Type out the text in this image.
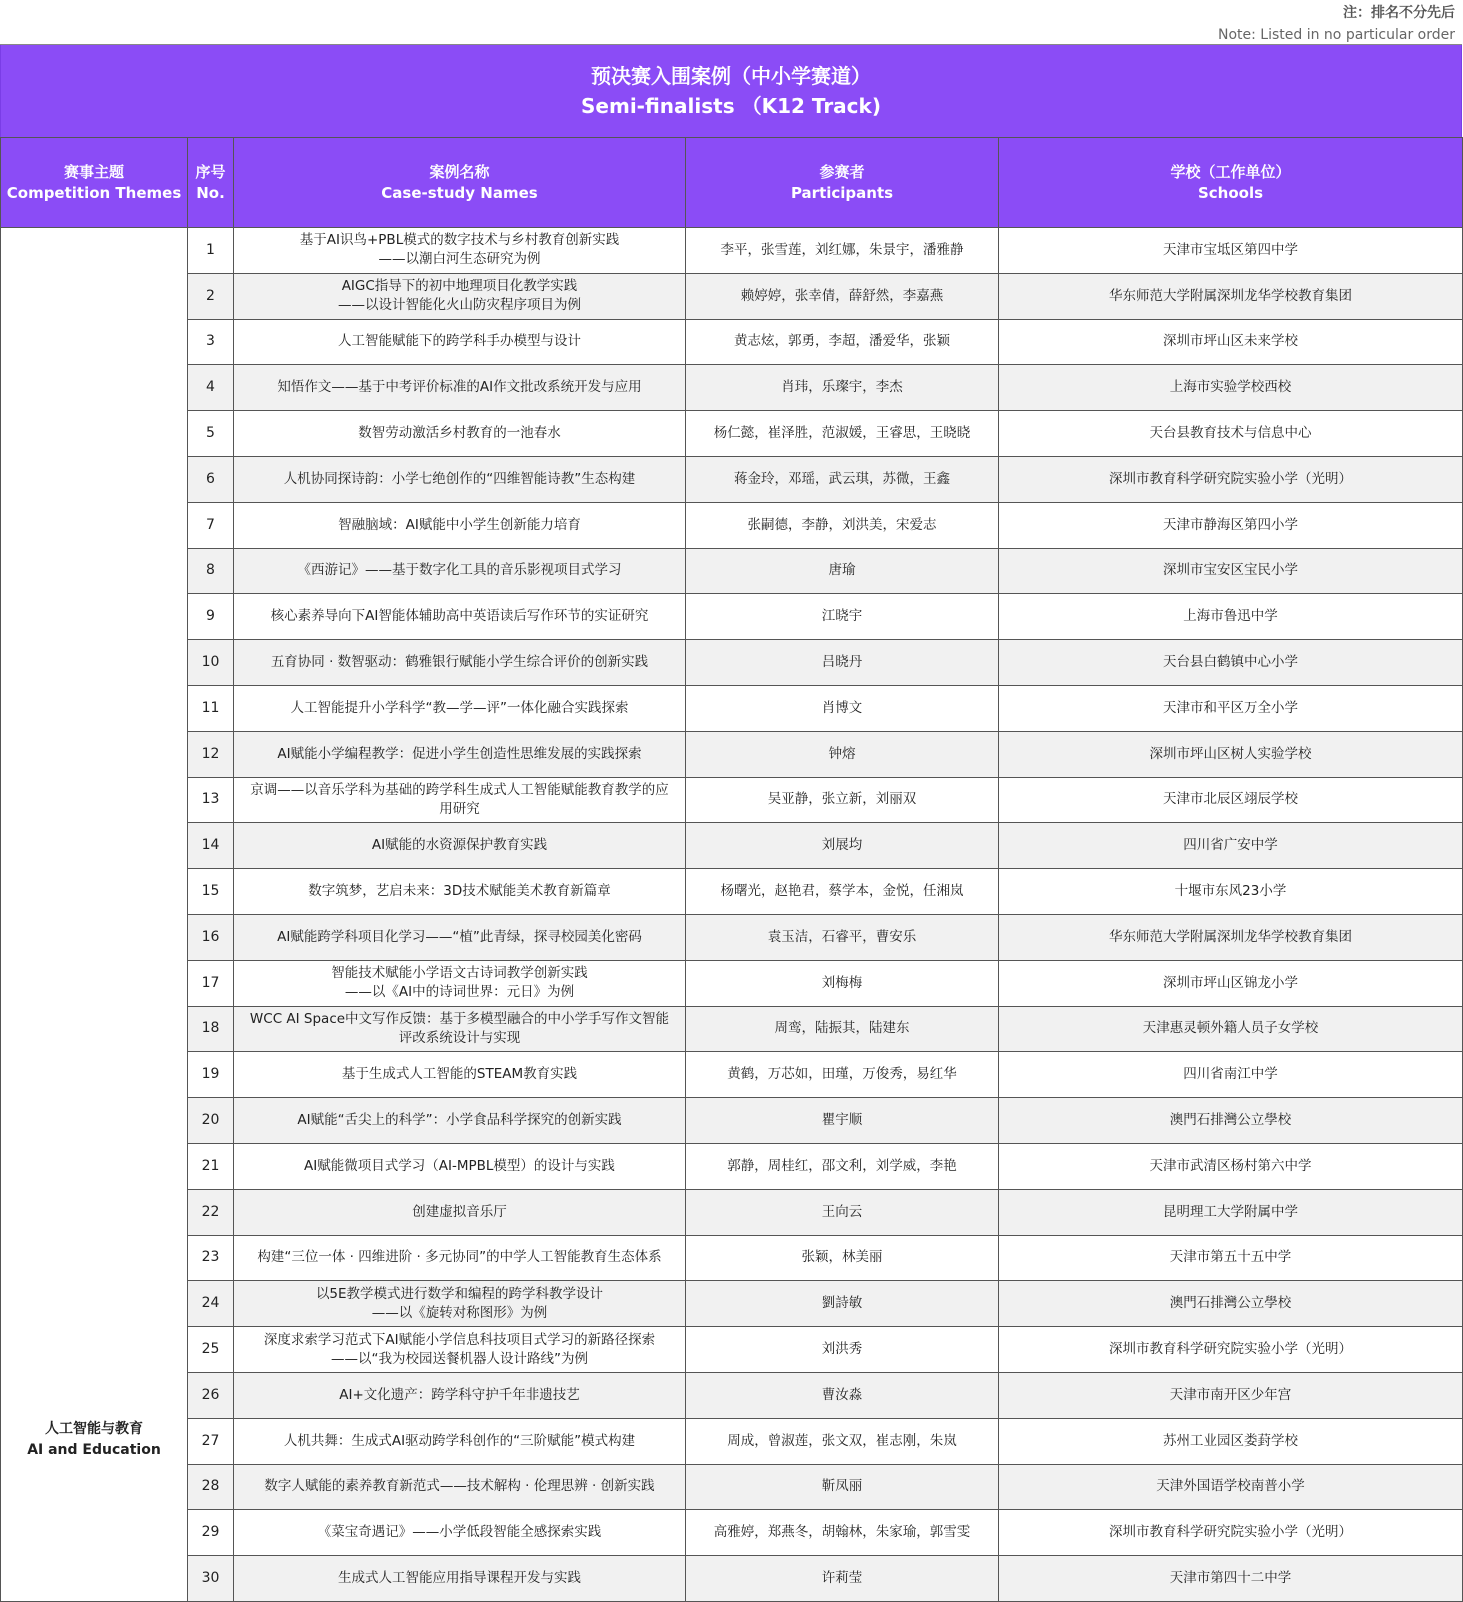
注：排名不分先后
Note: Listed in no particular order
预决赛入围案例（中小学赛道）
Semi-finalists （K12 Track)
赛事主题
Competition Themes	序号
No.	案例名称
Case-study Names	参赛者
Participants	学校（工作单位）
Schools

人工智能与教育
AI and Education	1	基于AI识鸟+PBL模式的数字技术与乡村教育创新实践
——以潮白河生态研究为例	李平，张雪莲，刘红娜，朱景宇，潘雅静	天津市宝坻区第四中学
	2	AIGC指导下的初中地理项目化教学实践
——以设计智能化火山防灾程序项目为例	赖婷婷，张幸倩，薛舒然，李嘉燕	华东师范大学附属深圳龙华学校教育集团
	3	人工智能赋能下的跨学科手办模型与设计	黄志炫，郭勇，李超，潘爱华，张颖	深圳市坪山区未来学校
	4	知悟作文——基于中考评价标准的AI作文批改系统开发与应用	肖玮，乐璨宇，李杰	上海市实验学校西校
	5	数智劳动激活乡村教育的一池春水	杨仁懿，崔泽胜，范淑媛，王睿思，王晓晓	天台县教育技术与信息中心
	6	人机协同探诗韵：小学七绝创作的“四维智能诗教”生态构建	蒋金玲，邓瑶，武云琪，苏微，王鑫	深圳市教育科学研究院实验小学（光明）
	7	智融脑域：AI赋能中小学生创新能力培育	张嗣德，李静，刘洪美，宋爱志	天津市静海区第四小学
	8	《西游记》——基于数字化工具的音乐影视项目式学习	唐瑜	深圳市宝安区宝民小学
	9	核心素养导向下AI智能体辅助高中英语读后写作环节的实证研究	江晓宇	上海市鲁迅中学
	10	五育协同 · 数智驱动：鹤雅银行赋能小学生综合评价的创新实践	吕晓丹	天台县白鹤镇中心小学
	11	人工智能提升小学科学“教—学—评”一体化融合实践探索	肖博文	天津市和平区万全小学
	12	AI赋能小学编程教学：促进小学生创造性思维发展的实践探索	钟熔	深圳市坪山区树人实验学校
	13	京调——以音乐学科为基础的跨学科生成式人工智能赋能教育教学的应
用研究	吴亚静，张立新，刘丽双	天津市北辰区翊辰学校
	14	AI赋能的水资源保护教育实践	刘展均	四川省广安中学
	15	数字筑梦，艺启未来：3D技术赋能美术教育新篇章	杨曙光，赵艳君，蔡学本，金悦，任湘岚	十堰市东风23小学
	16	AI赋能跨学科项目化学习——“植”此青绿，探寻校园美化密码	袁玉洁，石睿平，曹安乐	华东师范大学附属深圳龙华学校教育集团
	17	智能技术赋能小学语文古诗词教学创新实践
——以《AI中的诗词世界：元日》为例	刘梅梅	深圳市坪山区锦龙小学
	18	WCC AI Space中文写作反馈：基于多模型融合的中小学手写作文智能
评改系统设计与实现	周鸾，陆振其，陆建东	天津惠灵顿外籍人员子女学校
	19	基于生成式人工智能的STEAM教育实践	黄鹤，万芯如，田瑾，万俊秀，易红华	四川省南江中学
	20	AI赋能“舌尖上的科学”：小学食品科学探究的创新实践	瞿宇顺	澳門石排灣公立學校
	21	AI赋能微项目式学习（AI-MPBL模型）的设计与实践	郭静，周桂红，邵文利，刘学威，李艳	天津市武清区杨村第六中学
	22	创建虚拟音乐厅	王向云	昆明理工大学附属中学
	23	构建“三位一体 · 四维进阶 · 多元协同”的中学人工智能教育生态体系	张颖，林美丽	天津市第五十五中学
	24	以5E教学模式进行数学和编程的跨学科教学设计
——以《旋转对称图形》为例	劉詩敏	澳門石排灣公立學校
	25	深度求索学习范式下AI赋能小学信息科技项目式学习的新路径探索
——以“我为校园送餐机器人设计路线”为例	刘洪秀	深圳市教育科学研究院实验小学（光明）
	26	AI+文化遗产：跨学科守护千年非遗技艺	曹汝淼	天津市南开区少年宫
	27	人机共舞：生成式AI驱动跨学科创作的“三阶赋能”模式构建	周成，曾淑莲，张文双，崔志刚，朱岚	苏州工业园区娄葑学校
	28	数字人赋能的素养教育新范式——技术解构 · 伦理思辨 · 创新实践	靳凤丽	天津外国语学校南普小学
	29	《菜宝奇遇记》——小学低段智能全感探索实践	高雅婷，郑燕冬，胡翰林，朱家瑜，郭雪雯	深圳市教育科学研究院实验小学（光明）
	30	生成式人工智能应用指导课程开发与实践	许莉莹	天津市第四十二中学
